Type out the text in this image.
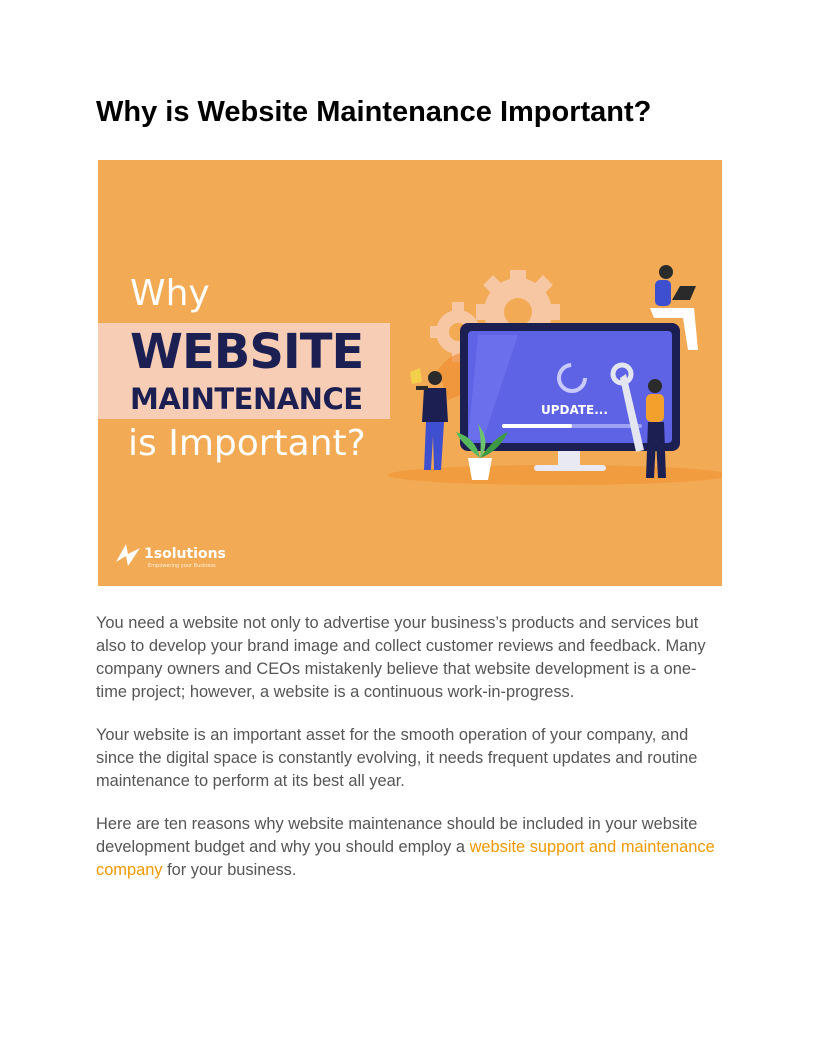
Why is Website Maintenance Important?
Why
WEBSITE
MAINTENANCE
is Important?
UPDATE...
1solutions
Empowering your Business

You need a website not only to advertise your business’s products and services but also to develop your brand image and collect customer reviews and feedback. Many company owners and CEOs mistakenly believe that website development is a one-time project; however, a website is a continuous work-in-progress.

Your website is an important asset for the smooth operation of your company, and since the digital space is constantly evolving, it needs frequent updates and routine maintenance to perform at its best all year.

Here are ten reasons why website maintenance should be included in your website development budget and why you should employ a website support and maintenance company for your business.
